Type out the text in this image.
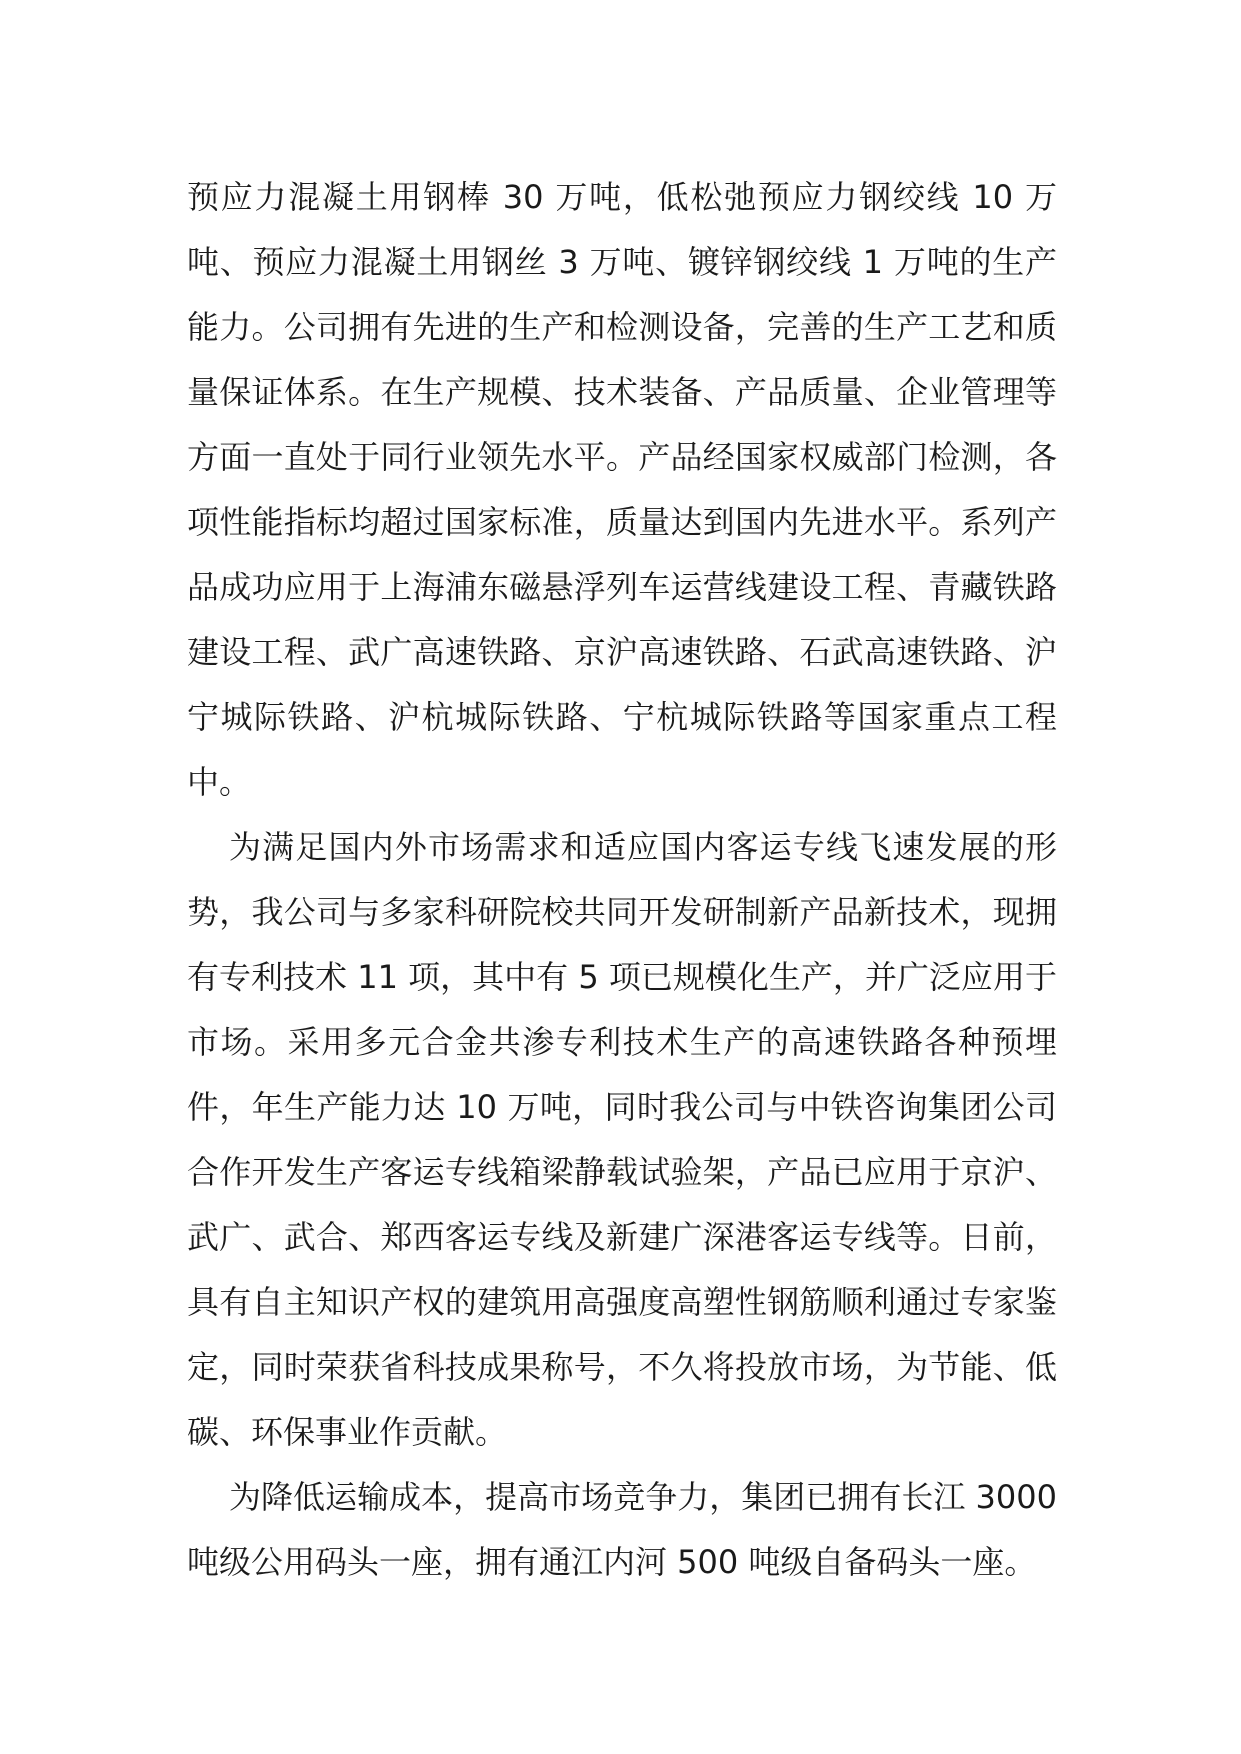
预应力混凝土用钢棒 30 万吨，低松弛预应力钢绞线 10 万吨、预应力混凝土用钢丝 3 万吨、镀锌钢绞线 1 万吨的生产能力。公司拥有先进的生产和检测设备，完善的生产工艺和质量保证体系。在生产规模、技术装备、产品质量、企业管理等方面一直处于同行业领先水平。产品经国家权威部门检测，各项性能指标均超过国家标准，质量达到国内先进水平。系列产品成功应用于上海浦东磁悬浮列车运营线建设工程、青藏铁路建设工程、武广高速铁路、京沪高速铁路、石武高速铁路、沪宁城际铁路、沪杭城际铁路、宁杭城际铁路等国家重点工程中。

为满足国内外市场需求和适应国内客运专线飞速发展的形势，我公司与多家科研院校共同开发研制新产品新技术，现拥有专利技术 11 项，其中有 5 项已规模化生产，并广泛应用于市场。采用多元合金共渗专利技术生产的高速铁路各种预埋件，年生产能力达 10 万吨，同时我公司与中铁咨询集团公司合作开发生产客运专线箱梁静载试验架，产品已应用于京沪、武广、武合、郑西客运专线及新建广深港客运专线等。日前，具有自主知识产权的建筑用高强度高塑性钢筋顺利通过专家鉴定，同时荣获省科技成果称号，不久将投放市场，为节能、低碳、环保事业作贡献。

为降低运输成本，提高市场竞争力，集团已拥有长江 3000 吨级公用码头一座，拥有通江内河 500 吨级自备码头一座。
